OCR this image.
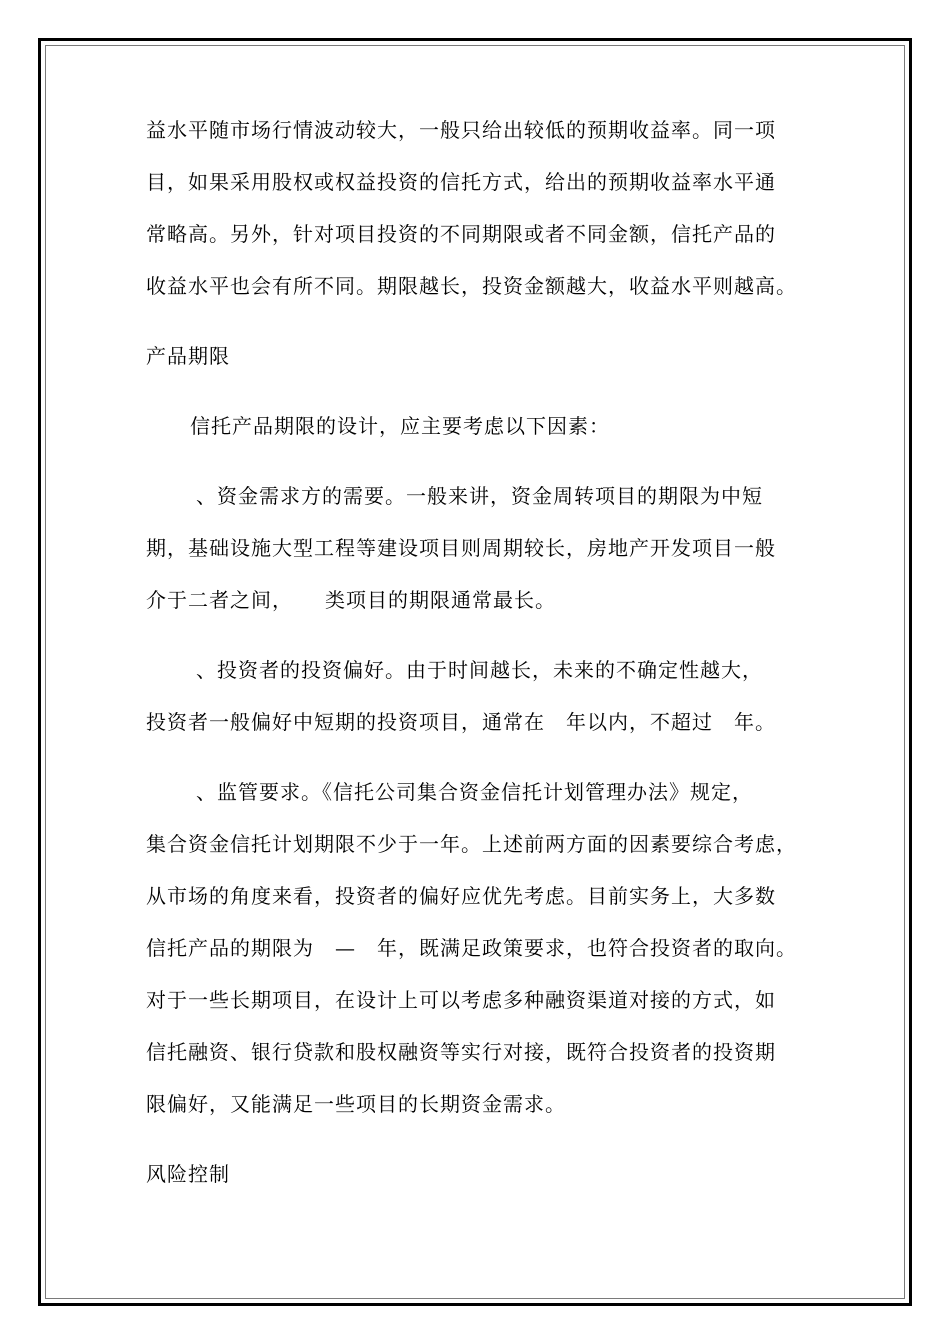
益水平随市场行情波动较大，一般只给出较低的预期收益率。同一项
目，如果采用股权或权益投资的信托方式，给出的预期收益率水平通
常略高。另外，针对项目投资的不同期限或者不同金额，信托产品的
收益水平也会有所不同。期限越长，投资金额越大，收益水平则越高。
产品期限
信托产品期限的设计，应主要考虑以下因素：
、资金需求方的需要。一般来讲，资金周转项目的期限为中短
期，基础设施大型工程等建设项目则周期较长，房地产开发项目一般
介于二者之间，　　类项目的期限通常最长。
、投资者的投资偏好。由于时间越长，未来的不确定性越大，
投资者一般偏好中短期的投资项目，通常在　年以内，不超过　年。
、监管要求。《信托公司集合资金信托计划管理办法》规定，
集合资金信托计划期限不少于一年。上述前两方面的因素要综合考虑，
从市场的角度来看，投资者的偏好应优先考虑。目前实务上，大多数
信托产品的期限为　—　年，既满足政策要求，也符合投资者的取向。
对于一些长期项目，在设计上可以考虑多种融资渠道对接的方式，如
信托融资、银行贷款和股权融资等实行对接，既符合投资者的投资期
限偏好，又能满足一些项目的长期资金需求。
风险控制
